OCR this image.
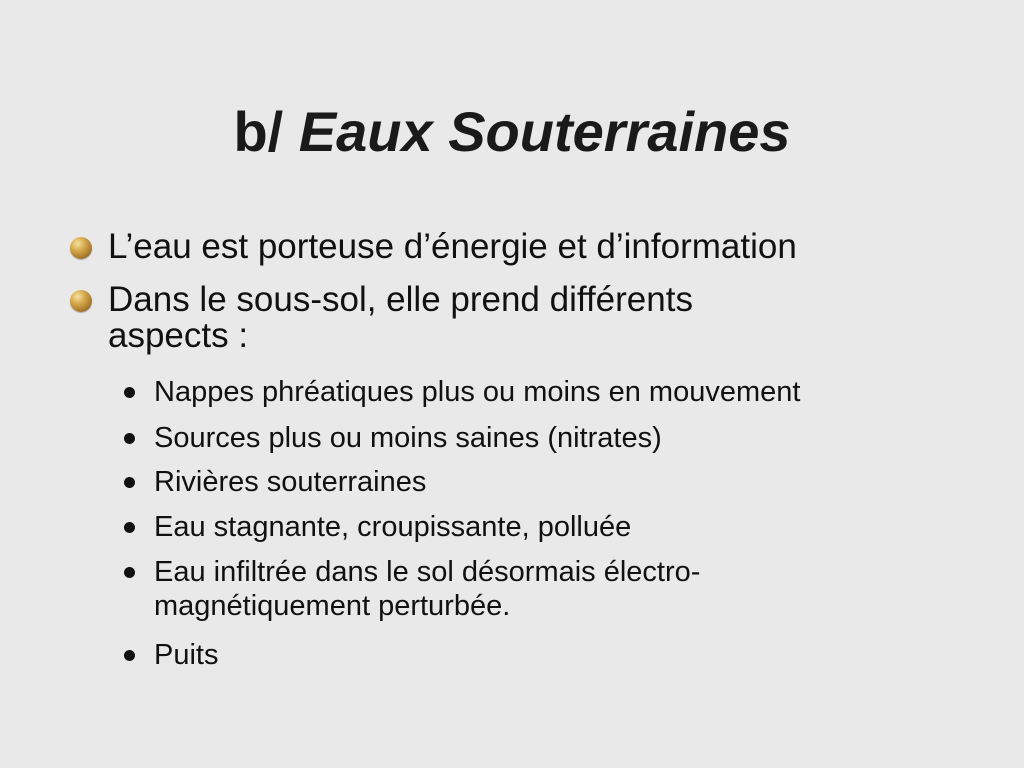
b/ Eaux Souterraines
L’eau est porteuse d’énergie et d’information
Dans le sous-sol, elle prend différents aspects :
Nappes phréatiques plus ou moins en mouvement
Sources plus ou moins saines (nitrates)
Rivières souterraines
Eau stagnante, croupissante, polluée
Eau infiltrée dans le sol désormais électro-magnétiquement perturbée.
Puits
